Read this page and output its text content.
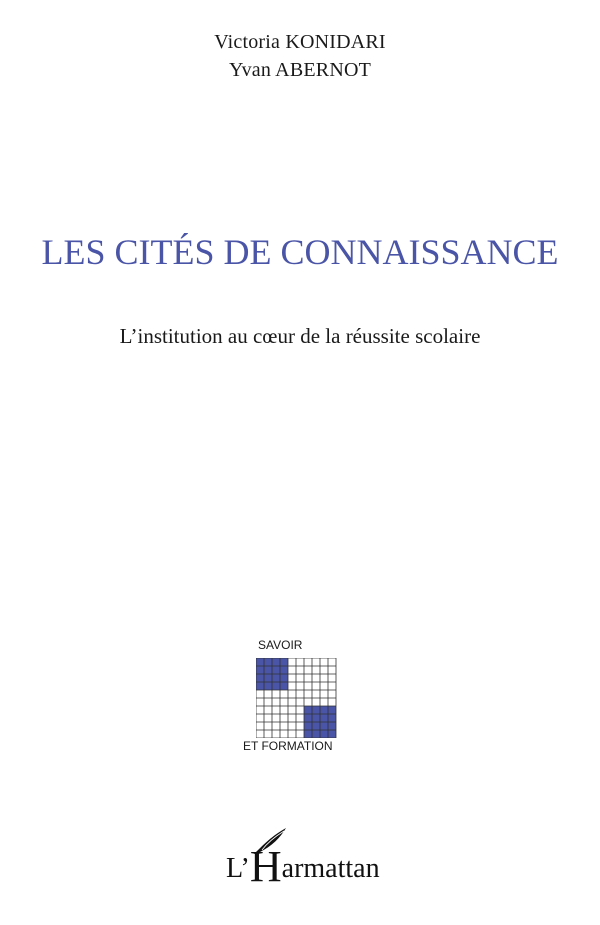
Victoria KONIDARI
Yvan ABERNOT
LES CITÉS DE CONNAISSANCE
L’institution au cœur de la réussite scolaire
SAVOIR
ET FORMATION
L’Harmattan
